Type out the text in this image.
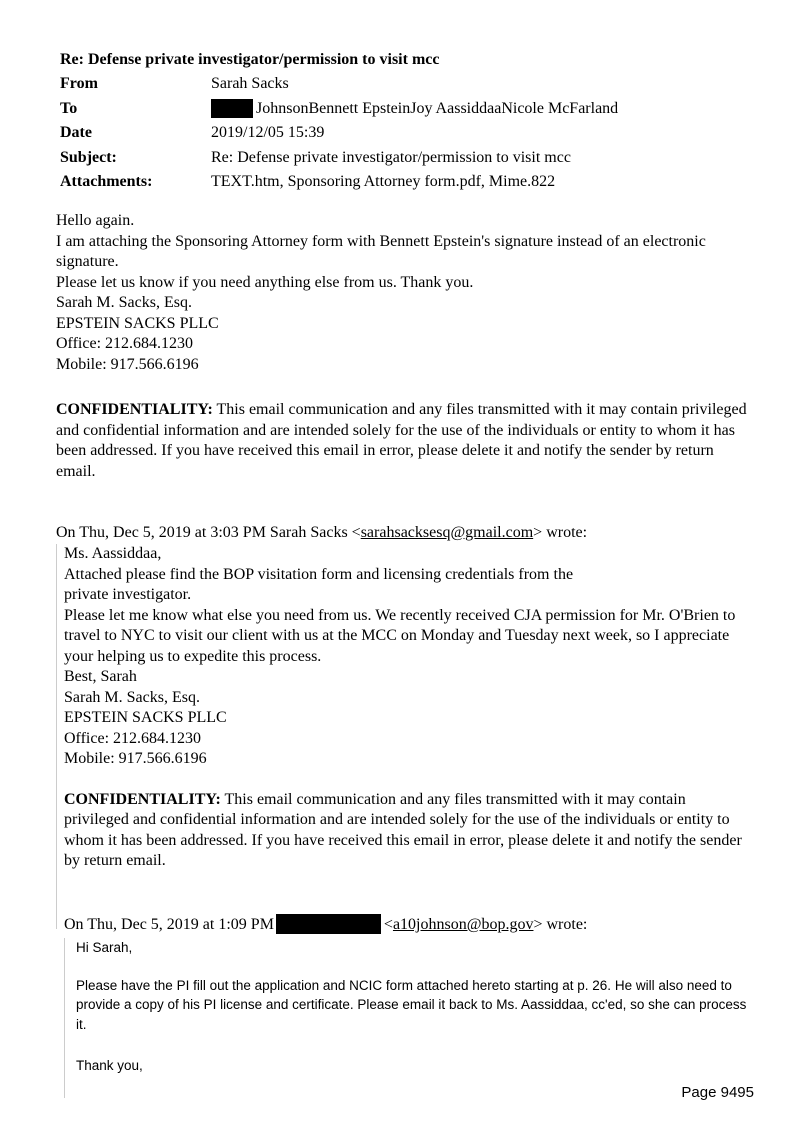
Re: Defense private investigator/permission to visit mcc	
From	Sarah Sacks
To	JohnsonBennett EpsteinJoy AassiddaaNicole McFarland
Date	2019/12/05 15:39
Subject:	Re: Defense private investigator/permission to visit mcc
Attachments:	TEXT.htm, Sponsoring Attorney form.pdf, Mime.822

Hello again.

I am attaching the Sponsoring Attorney form with Bennett Epstein's signature instead of an electronic signature.

Please let us know if you need anything else from us. Thank you.

Sarah M. Sacks, Esq.

EPSTEIN SACKS PLLC

Office: 212.684.1230

Mobile: 917.566.6196

CONFIDENTIALITY: This email communication and any files transmitted with it may contain privileged and confidential information and are intended solely for the use of the individuals or entity to whom it has been addressed. If you have received this email in error, please delete it and notify the sender by return email.

On Thu, Dec 5, 2019 at 3:03 PM Sarah Sacks <sarahsacksesq@gmail.com> wrote:

Ms. Aassiddaa,

Attached please find the BOP visitation form and licensing credentials from the

private investigator.

Please let me know what else you need from us. We recently received CJA permission for Mr. O'Brien to travel to NYC to visit our client with us at the MCC on Monday and Tuesday next week, so I appreciate your helping us to expedite this process.

Best, Sarah

Sarah M. Sacks, Esq.

EPSTEIN SACKS PLLC

Office: 212.684.1230

Mobile: 917.566.6196

CONFIDENTIALITY: This email communication and any files transmitted with it may contain privileged and confidential information and are intended solely for the use of the individuals or entity to whom it has been addressed. If you have received this email in error, please delete it and notify the sender by return email.

On Thu, Dec 5, 2019 at 1:09 PM	<a10johnson@bop.gov> wrote:

Hi Sarah,

Please have the PI fill out the application and NCIC form attached hereto starting at p. 26. He will also need to provide a copy of his PI license and certificate. Please email it back to Ms. Aassiddaa, cc'ed, so she can process it.

Thank you,

Page 9495
